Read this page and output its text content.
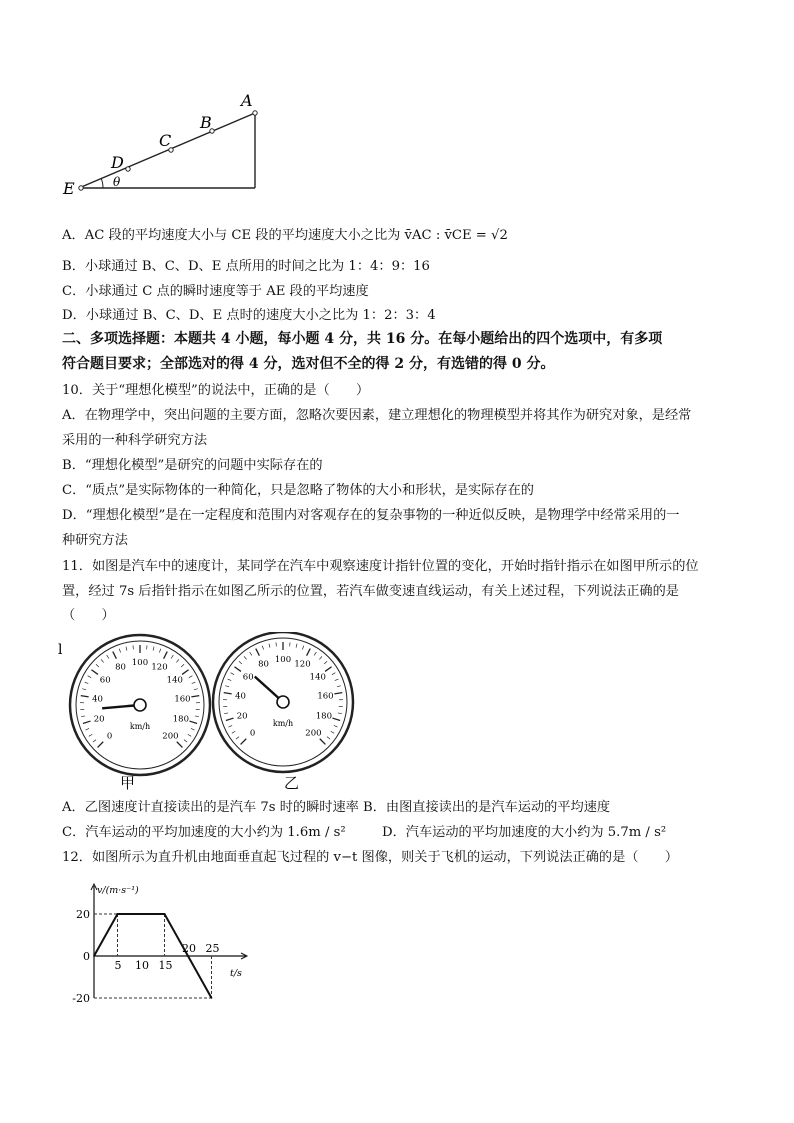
A
B
C
D
E	θ
A．AC 段的平均速度大小与 CE 段的平均速度大小之比为 v̄AC : v̄CE = √2
B．小球通过 B、C、D、E 点所用的时间之比为 1：4：9：16
C．小球通过 C 点的瞬时速度等于 AE 段的平均速度
D．小球通过 B、C、D、E 点时的速度大小之比为 1：2：3：4
二、多项选择题：本题共 4 小题，每小题 4 分，共 16 分。在每小题给出的四个选项中，有多项
符合题目要求；全部选对的得 4 分，选对但不全的得 2 分，有选错的得 0 分。
10．关于“理想化模型”的说法中，正确的是（　　）
A．在物理学中，突出问题的主要方面，忽略次要因素，建立理想化的物理模型并将其作为研究对象，是经常
采用的一种科学研究方法
B．“理想化模型”是研究的问题中实际存在的
C．“质点”是实际物体的一种简化，只是忽略了物体的大小和形状，是实际存在的
D．“理想化模型”是在一定程度和范围内对客观存在的复杂事物的一种近似反映，是物理学中经常采用的一
种研究方法
11．如图是汽车中的速度计，某同学在汽车中观察速度计指针位置的变化，开始时指针指示在如图甲所示的位
置，经过 7s 后指针指示在如图乙所示的位置，若汽车做变速直线运动，有关上述过程，下列说法正确的是
（　　）
l
0
20
40
60
80 100 120
140
160
180
200
km/h
0
20
40
60
80 100 120
140
160
180
200
km/h
甲	乙
A．乙图速度计直接读出的是汽车 7s 时的瞬时速率 B．由图直接读出的是汽车运动的平均速度
C．汽车运动的平均加速度的大小约为 1.6m / s²	D．汽车运动的平均加速度的大小约为 5.7m / s²
12．如图所示为直升机由地面垂直起飞过程的 v−t 图像，则关于飞机的运动，下列说法正确的是（　　）
v/(m·s⁻¹)
t/s
5 10 15
20 25
20
0
-20
